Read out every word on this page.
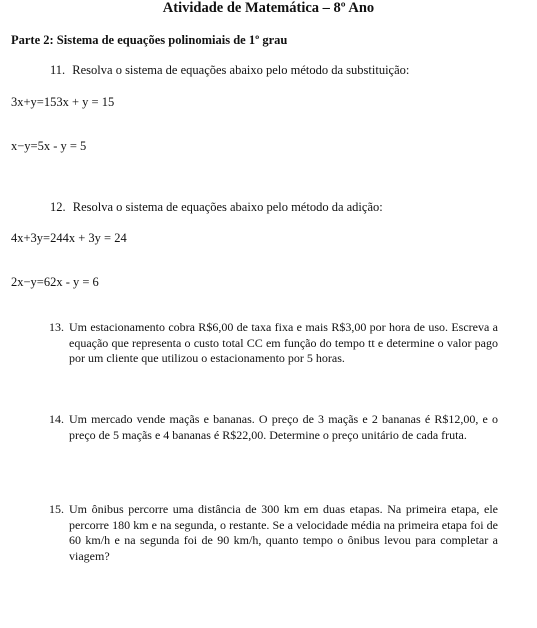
Atividade de Matemática – 8º Ano
Parte 2: Sistema de equações polinomiais de 1º grau
11. Resolva o sistema de equações abaixo pelo método da substituição:
3x+y=153x + y = 15
x−y=5x - y = 5
12. Resolva o sistema de equações abaixo pelo método da adição:
4x+3y=244x + 3y = 24
2x−y=62x - y = 6
13. Um estacionamento cobra R$6,00 de taxa fixa e mais R$3,00 por hora de uso. Escreva a equação que representa o custo total CC em função do tempo tt e determine o valor pago por um cliente que utilizou o estacionamento por 5 horas.
14. Um mercado vende maçãs e bananas. O preço de 3 maçãs e 2 bananas é R$12,00, e o preço de 5 maçãs e 4 bananas é R$22,00. Determine o preço unitário de cada fruta.
15. Um ônibus percorre uma distância de 300 km em duas etapas. Na primeira etapa, ele percorre 180 km e na segunda, o restante. Se a velocidade média na primeira etapa foi de 60 km/h e na segunda foi de 90 km/h, quanto tempo o ônibus levou para completar a viagem?
